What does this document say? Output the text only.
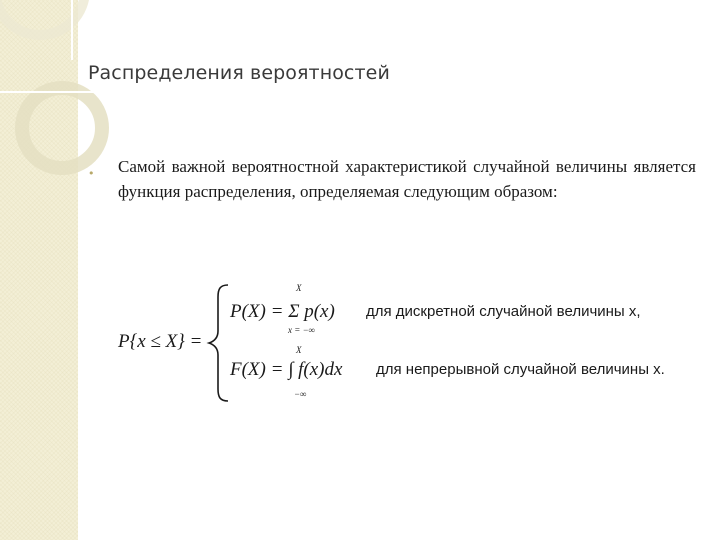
Распределения вероятностей
• Самой важной вероятностной характеристикой случайной величины является функция распределения, определяемая следующим образом:

P{x ≤ X} =
X
P(X) = Σ p(x)
x = −∞
для дискретной случайной величины x,
X
F(X) = ∫ f(x)dx
−∞
для непрерывной случайной величины x.
